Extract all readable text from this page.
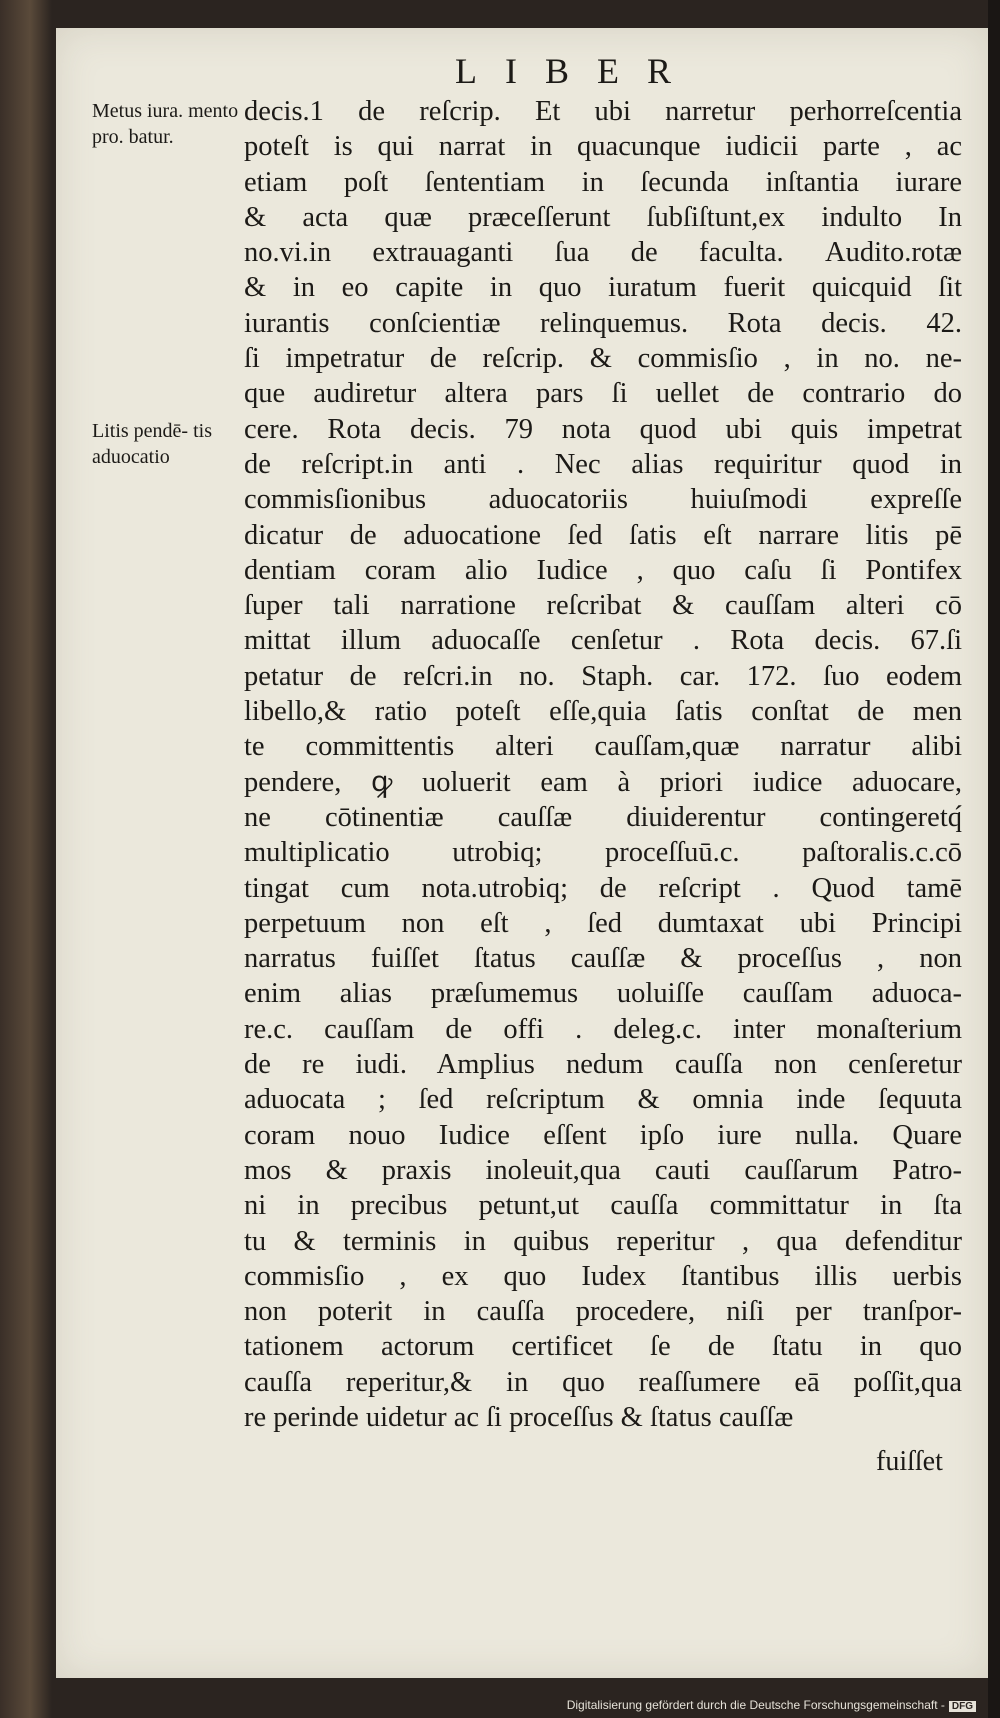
LIBER
Metus iura. mento pro. batur.
Litis pendē- tis aduocatio
decis.1 de reſcrip. Et ubi narretur perhorreſcentia
poteſt is qui narrat in quacunque iudicii parte , ac
etiam poſt ſententiam in ſecunda inſtantia iurare
& acta quæ præceſſerunt ſubſiſtunt,ex indulto In
no.vi.in extrauaganti ſua de facultа. Audito.rotæ
& in eo capite in quo iuratum fuerit quicquid ſit
iurantis conſcientiæ relinquemus. Rota decis. 42.
ſi impetratur de reſcrip. & commisſio , in no. ne-
que audiretur altera pars ſi uellet de contrario do
cere. Rota decis. 79 nota quod ubi quis impetrat
de reſcript.in anti . Nec alias requiritur quod in
commisſionibus aduocatoriis huiuſmodi expreſſe
dicatur de aduocatione ſed ſatis eſt narrare litis pē
dentiam coram alio Iudice , quo caſu ſi Pontifex
ſuper tali narratione reſcribat & cauſſam alteri cō
mittat illum aduocaſſe cenſetur . Rota decis. 67.ſi
petatur de reſcri.in no. Staph. car. 172. ſuo eodem
libello,& ratio poteſt eſſe,quia ſatis conſtat de men
te committentis alteri cauſſam,quæ narratur alibi
pendere, ꝙ uoluerit eam à priori iudice aduocare,
ne cōtinentiæ cauſſæ diuiderentur contingeretq́
multiplicatio utrobiq; proceſſuū.c. paſtoralis.c.cō
tingat cum nota.utrobiq; de reſcript . Quod tamē
perpetuum non eſt , ſed dumtaxat ubi Principi
narratus fuiſſet ſtatus cauſſæ & proceſſus , non
enim alias præſumemus uoluiſſe cauſſam aduoca-
re.c. cauſſam de offi . deleg.c. inter monaſterium
de re iudi. Amplius nedum cauſſa non cenſeretur
aduocata ; ſed reſcriptum & omnia inde ſequuta
coram nouo Iudice eſſent ipſo iure nulla. Quare
mos & praxis inoleuit,qua cauti cauſſarum Patro-
ni in precibus petunt,ut cauſſa committatur in ſta
tu & terminis in quibus reperitur , qua defenditur
commisſio , ex quo Iudex ſtantibus illis uerbis
non poterit in cauſſa procedere, niſi per tranſpor-
tationem actorum certificet ſe de ſtatu in quo
cauſſa reperitur,& in quo reaſſumere eā poſſit,qua
re perinde uidetur ac ſi proceſſus & ſtatus cauſſæ
fuiſſet
Digitalisierung gefördert durch die Deutsche Forschungsgemeinschaft - DFG
